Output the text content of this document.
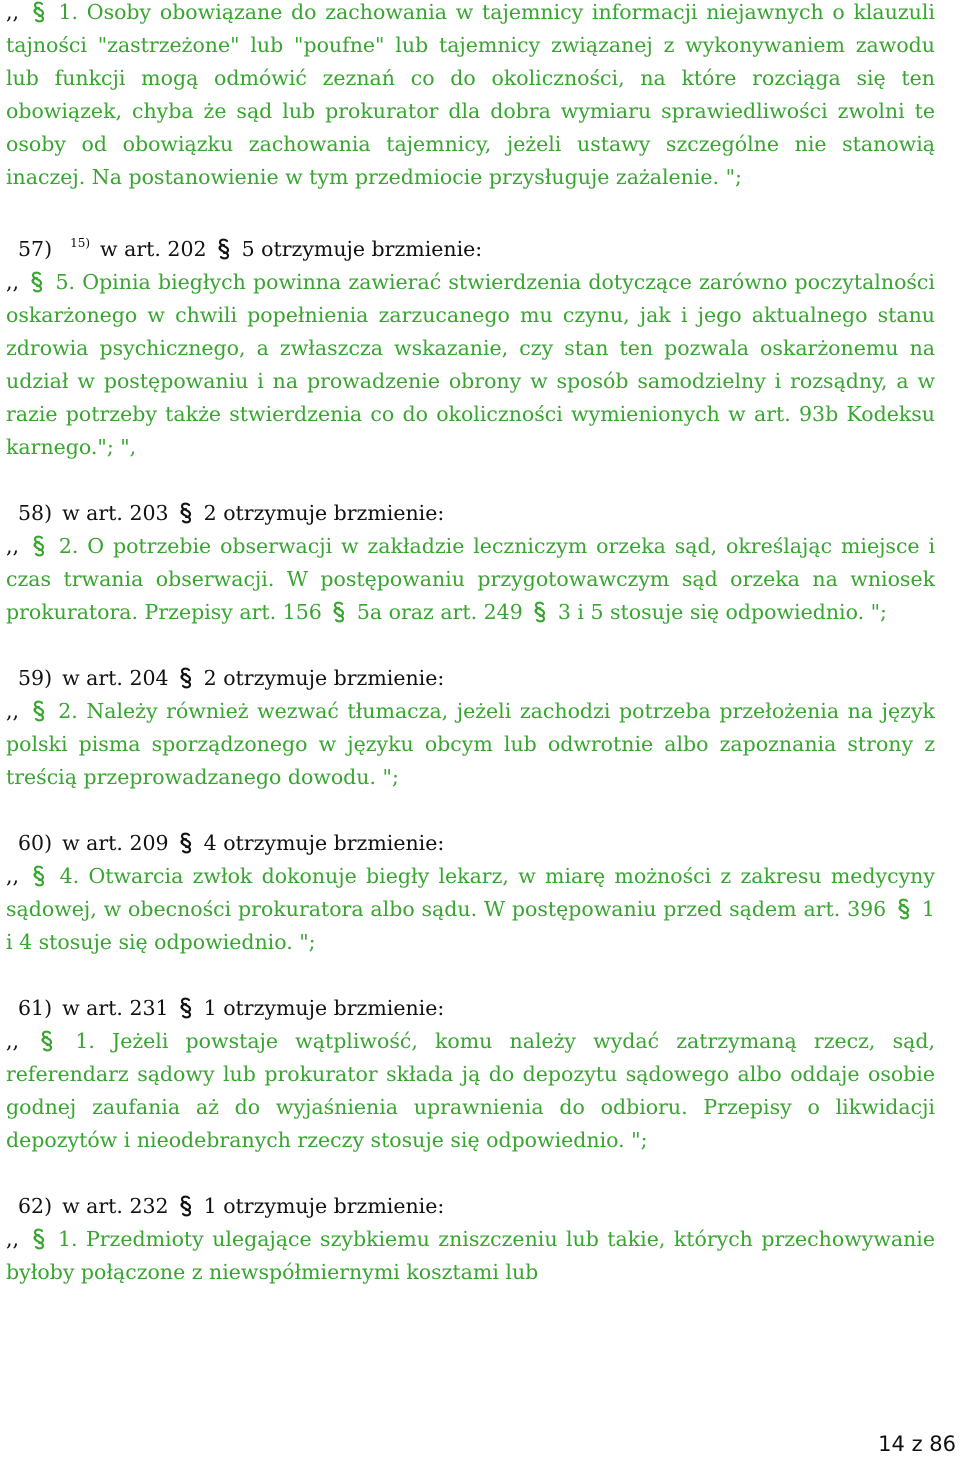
,, 1. Osoby obowiązane do zachowania w tajemnicy informacji niejawnych o klauzuli tajności "zastrzeżone" lub "poufne" lub tajemnicy związanej z wykonywaniem zawodu lub funkcji mogą odmówić zeznań co do okoliczności, na które rozciąga się ten obowiązek, chyba że sąd lub prokurator dla dobra wymiaru sprawiedliwości zwolni te osoby od obowiązku zachowania tajemnicy, jeżeli ustawy szczególne nie stanowią inaczej. Na postanowienie w tym przedmiocie przysługuje zażalenie. ";

57) $^{15)}$ w art. 202 5 otrzymuje brzmienie:

,, 5. Opinia biegłych powinna zawierać stwierdzenia dotyczące zarówno poczytalności oskarżonego w chwili popełnienia zarzucanego mu czynu, jak i jego aktualnego stanu zdrowia psychicznego, a zwłaszcza wskazanie, czy stan ten pozwala oskarżonemu na udział w postępowaniu i na prowadzenie obrony w sposób samodzielny i rozsądny, a w razie potrzeby także stwierdzenia co do okoliczności wymienionych w art. 93b Kodeksu karnego."; ",

58) w art. 203 2 otrzymuje brzmienie:

,, 2. O potrzebie obserwacji w zakładzie leczniczym orzeka sąd, określając miejsce i czas trwania obserwacji. W postępowaniu przygotowawczym sąd orzeka na wniosek prokuratora. Przepisy art. 156 5a oraz art. 249 3 i 5 stosuje się odpowiednio. ";

59) w art. 204 2 otrzymuje brzmienie:

,, 2. Należy również wezwać tłumacza, jeżeli zachodzi potrzeba przełożenia na język polski pisma sporządzonego w języku obcym lub odwrotnie albo zapoznania strony z treścią przeprowadzanego dowodu. ";

60) w art. 209 4 otrzymuje brzmienie:

,, 4. Otwarcia zwłok dokonuje biegły lekarz, w miarę możności z zakresu medycyny sądowej, w obecności prokuratora albo sądu. W postępowaniu przed sądem art. 396 1 i 4 stosuje się odpowiednio. ";

61) w art. 231 1 otrzymuje brzmienie:

,,	1. Jeżeli powstaje wątpliwość, komu należy wydać zatrzymaną rzecz, sąd, referendarz sądowy lub prokurator składa ją do depozytu sądowego albo oddaje osobie godnej zaufania aż do wyjaśnienia uprawnienia do odbioru. Przepisy o likwidacji depozytów i nieodebranych rzeczy stosuje się odpowiednio. ";

62) w art. 232 1 otrzymuje brzmienie:

,, 1. Przedmioty ulegające szybkiemu zniszczeniu lub takie, których przechowywanie byłoby połączone z niewspółmiernymi kosztami lub

14 z 86
